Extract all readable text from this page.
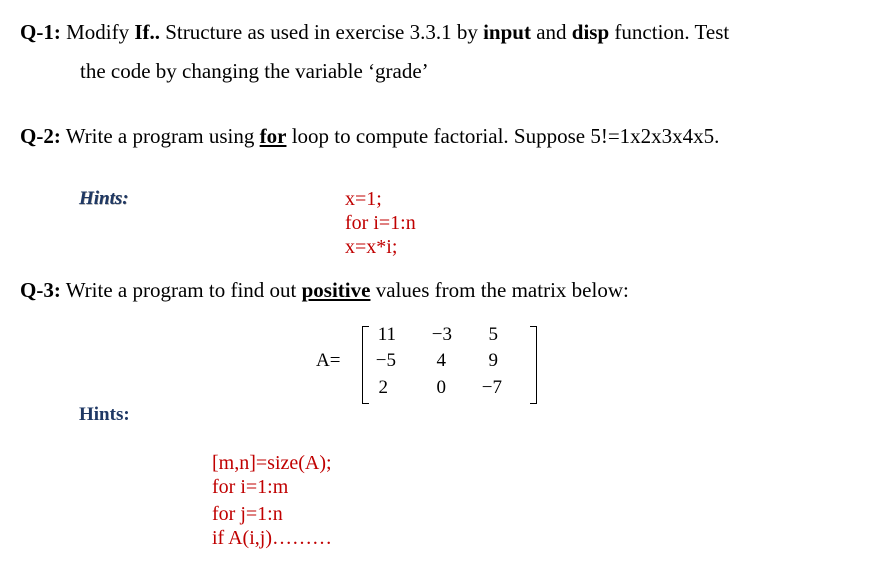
Q-1: Modify If.. Structure as used in exercise 3.3.1 by input and disp function. Test
the code by changing the variable ‘grade’
Q-2: Write a program using for loop to compute factorial. Suppose 5!=1x2x3x4x5.
Hints:	x=1;
for i=1:n
x=x*i;
Q-3: Write a program to find out positive values from the matrix below:
A=
11	−3	5
−5	4	9
2	0	−7
Hints:
[m,n]=size(A);
for i=1:m
for j=1:n
if A(i,j)………
